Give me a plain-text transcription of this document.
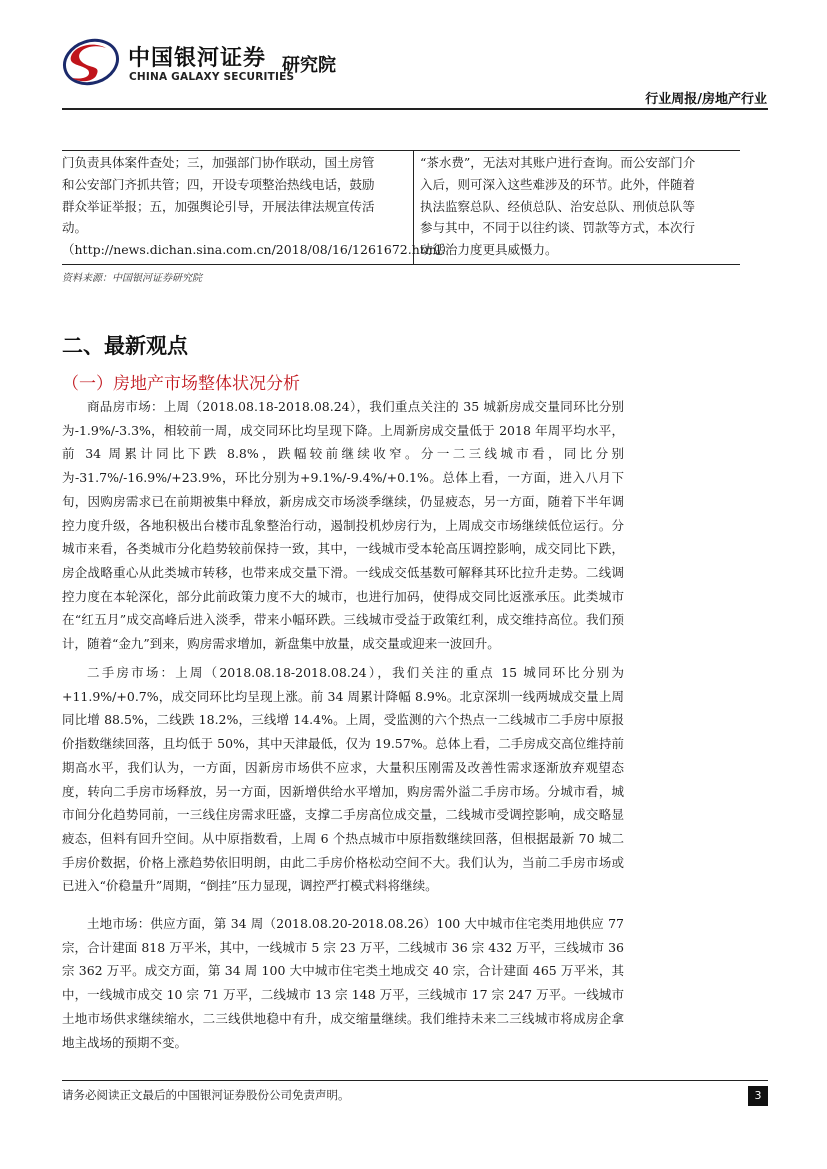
中国银河证券
CHINA GALAXY SECURITIES
研究院
行业周报/房地产行业
门负责具体案件查处；三，加强部门协作联动，国土房管
和公安部门齐抓共管；四，开设专项整治热线电话，鼓励
群众举证举报；五，加强舆论引导，开展法律法规宣传活
动。
（http://news.dichan.sina.com.cn/2018/08/16/1261672.html）
“茶水费”，无法对其账户进行查询。而公安部门介
入后，则可深入这些难涉及的环节。此外，伴随着
执法监察总队、经侦总队、治安总队、刑侦总队等
参与其中，不同于以往约谈、罚款等方式，本次行
动惩治力度更具威慑力。
资料来源：中国银河证券研究院
二、最新观点
（一）房地产市场整体状况分析

商品房市场：上周（2018.08.18-2018.08.24），我们重点关注的 35 城新房成交量同环比分别为-1.9%/-3.3%，相较前一周，成交同环比均呈现下降。上周新房成交量低于 2018 年周平均水平，前 34 周累计同比下跌 8.8%，跌幅较前继续收窄。分一二三线城市看，同比分别为-31.7%/-16.9%/+23.9%，环比分别为+9.1%/-9.4%/+0.1%。总体上看，一方面，进入八月下旬，因购房需求已在前期被集中释放，新房成交市场淡季继续，仍显疲态，另一方面，随着下半年调控力度升级，各地积极出台楼市乱象整治行动，遏制投机炒房行为，上周成交市场继续低位运行。分城市来看，各类城市分化趋势较前保持一致，其中，一线城市受本轮高压调控影响，成交同比下跌，房企战略重心从此类城市转移，也带来成交量下滑。一线成交低基数可解释其环比拉升走势。二线调控力度在本轮深化，部分此前政策力度不大的城市，也进行加码，使得成交同比返涨承压。此类城市在“红五月”成交高峰后进入淡季，带来小幅环跌。三线城市受益于政策红利，成交维持高位。我们预计，随着“金九”到来，购房需求增加，新盘集中放量，成交量或迎来一波回升。

二手房市场：上周（2018.08.18-2018.08.24），我们关注的重点 15 城同环比分别为+11.9%/+0.7%，成交同环比均呈现上涨。前 34 周累计降幅 8.9%。北京深圳一线两城成交量上周同比增 88.5%，二线跌 18.2%，三线增 14.4%。上周，受监测的六个热点一二线城市二手房中原报价指数继续回落，且均低于 50%，其中天津最低，仅为 19.57%。总体上看，二手房成交高位维持前期高水平，我们认为，一方面，因新房市场供不应求，大量积压刚需及改善性需求逐渐放弃观望态度，转向二手房市场释放，另一方面，因新增供给水平增加，购房需外溢二手房市场。分城市看，城市间分化趋势同前，一三线住房需求旺盛，支撑二手房高位成交量，二线城市受调控影响，成交略显疲态，但料有回升空间。从中原指数看，上周 6 个热点城市中原指数继续回落，但根据最新 70 城二手房价数据，价格上涨趋势依旧明朗，由此二手房价格松动空间不大。我们认为，当前二手房市场或已进入“价稳量升”周期，“倒挂”压力显现，调控严打模式料将继续。

土地市场：供应方面，第 34 周（2018.08.20-2018.08.26）100 大中城市住宅类用地供应 77 宗，合计建面 818 万平米，其中，一线城市 5 宗 23 万平，二线城市 36 宗 432 万平，三线城市 36 宗 362 万平。成交方面，第 34 周 100 大中城市住宅类土地成交 40 宗，合计建面 465 万平米，其中，一线城市成交 10 宗 71 万平，二线城市 13 宗 148 万平，三线城市 17 宗 247 万平。一线城市土地市场供求继续缩水，二三线供地稳中有升，成交缩量继续。我们维持未来二三线城市将成房企拿地主战场的预期不变。

请务必阅读正文最后的中国银河证券股份公司免责声明。	3
